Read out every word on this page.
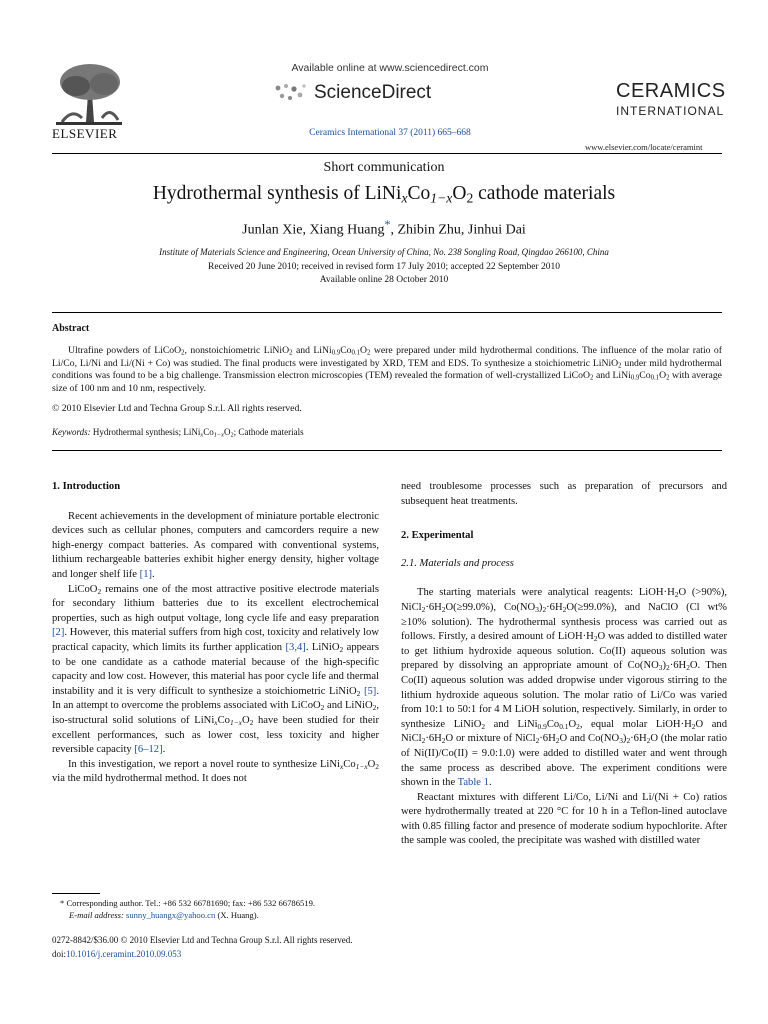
ELSEVIER
Available online at www.sciencedirect.com
ScienceDirect
Ceramics International 37 (2011) 665–668
CERAMICS
INTERNATIONAL
www.elsevier.com/locate/ceramint
Short communication
Hydrothermal synthesis of $LiNi_xCo_{1-x}O_2$ cathode materials
Junlan Xie, Xiang Huang*, Zhibin Zhu, Jinhui Dai
Institute of Materials Science and Engineering, Ocean University of China, No. 238 Songling Road, Qingdao 266100, China
Received 20 June 2010; received in revised form 17 July 2010; accepted 22 September 2010
Available online 28 October 2010
Abstract
Ultrafine powders of LiCoO$_2$, nonstoichiometric LiNiO$_2$ and $LiNi_{0.9}Co_{0.1}O_2$ were prepared under mild hydrothermal conditions. The influence of the molar ratio of Li/Co, Li/Ni and Li/(Ni + Co) was studied. The final products were investigated by XRD, TEM and EDS. To synthesize a stoichiometric LiNiO$_2$ under mild hydrothermal conditions was found to be a big challenge. Transmission electron microscopies (TEM) revealed the formation of well-crystallized LiCoO$_2$ and $LiNi_{0.9}Co_{0.1}O_2$ with average size of 100 nm and 10 nm, respectively.
© 2010 Elsevier Ltd and Techna Group S.r.l. All rights reserved.
Keywords: Hydrothermal synthesis; $LiNi_xCo_{1-x}O_2$; Cathode materials
1. Introduction

Recent achievements in the development of miniature portable electronic devices such as cellular phones, computers and camcorders require a new high-energy compact batteries. As compared with conventional systems, lithium rechargeable batteries exhibit higher energy density, higher voltage and longer shelf life [1].

LiCoO$_2$ remains one of the most attractive positive electrode materials for secondary lithium batteries due to its excellent electrochemical properties, such as high output voltage, long cycle life and easy preparation [2]. However, this material suffers from high cost, toxicity and relatively low practical capacity, which limits its further application [3,4]. LiNiO$_2$ appears to be one candidate as a cathode material because of the high-specific capacity and low cost. However, this material has poor cycle life and thermal instability and it is very difficult to synthesize a stoichiometric LiNiO$_2$ [5]. In an attempt to overcome the problems associated with LiCoO$_2$ and LiNiO$_2$, iso-structural solid solutions of $LiNi_xCo_{1-x}O_2$ have been studied for their excellent performances, such as lower cost, less toxicity and higher reversible capacity [6–12].

In this investigation, we report a novel route to synthesize $LiNi_xCo_{1-x}O_2$ via the mild hydrothermal method. It does not

* Corresponding author. Tel.: +86 532 66781690; fax: +86 532 66786519.
E-mail address: sunny_huangx@yahoo.cn (X. Huang).

need troublesome processes such as preparation of precursors and subsequent heat treatments.

2. Experimental
2.1. Materials and process

The starting materials were analytical reagents: $LiOH\cdot H_2O$ (>90%), $NiCl_2\cdot 6H_2O(\ge 99.0\%)$, $Co(NO_3)_2\cdot 6H_2O(\ge 99.0\%)$, and NaClO (Cl wt% ≥10% solution). The hydrothermal synthesis process was carried out as follows. Firstly, a desired amount of $LiOH\cdot H_2O$ was added to distilled water to get lithium hydroxide aqueous solution. Co(II) aqueous solution was prepared by dissolving an appropriate amount of $Co(NO_3)_2\cdot 6H_2O$. Then Co(II) aqueous solution was added dropwise under vigorous stirring to the lithium hydroxide aqueous solution. The molar ratio of Li/Co was varied from 10:1 to 50:1 for 4 M LiOH solution, respectively. Similarly, in order to synthesize LiNiO$_2$ and $LiNi_{0.9}Co_{0.1}O_2$, equal molar $LiOH\cdot H_2O$ and $NiCl_2\cdot 6H_2O$ or mixture of $NiCl_2\cdot 6H_2O$ and $Co(NO_3)_2\cdot 6H_2O$ (the molar ratio of Ni(II)/Co(II) = 9.0:1.0) were added to distilled water and went through the same process as described above. The experiment conditions were shown in the Table 1.

Reactant mixtures with different Li/Co, Li/Ni and Li/(Ni + Co) ratios were hydrothermally treated at 220 °C for 10 h in a Teflon-lined autoclave with 0.85 filling factor and presence of moderate sodium hypochlorite. After the sample was cooled, the precipitate was washed with distilled water

0272-8842/$36.00 © 2010 Elsevier Ltd and Techna Group S.r.l. All rights reserved.
doi:10.1016/j.ceramint.2010.09.053
